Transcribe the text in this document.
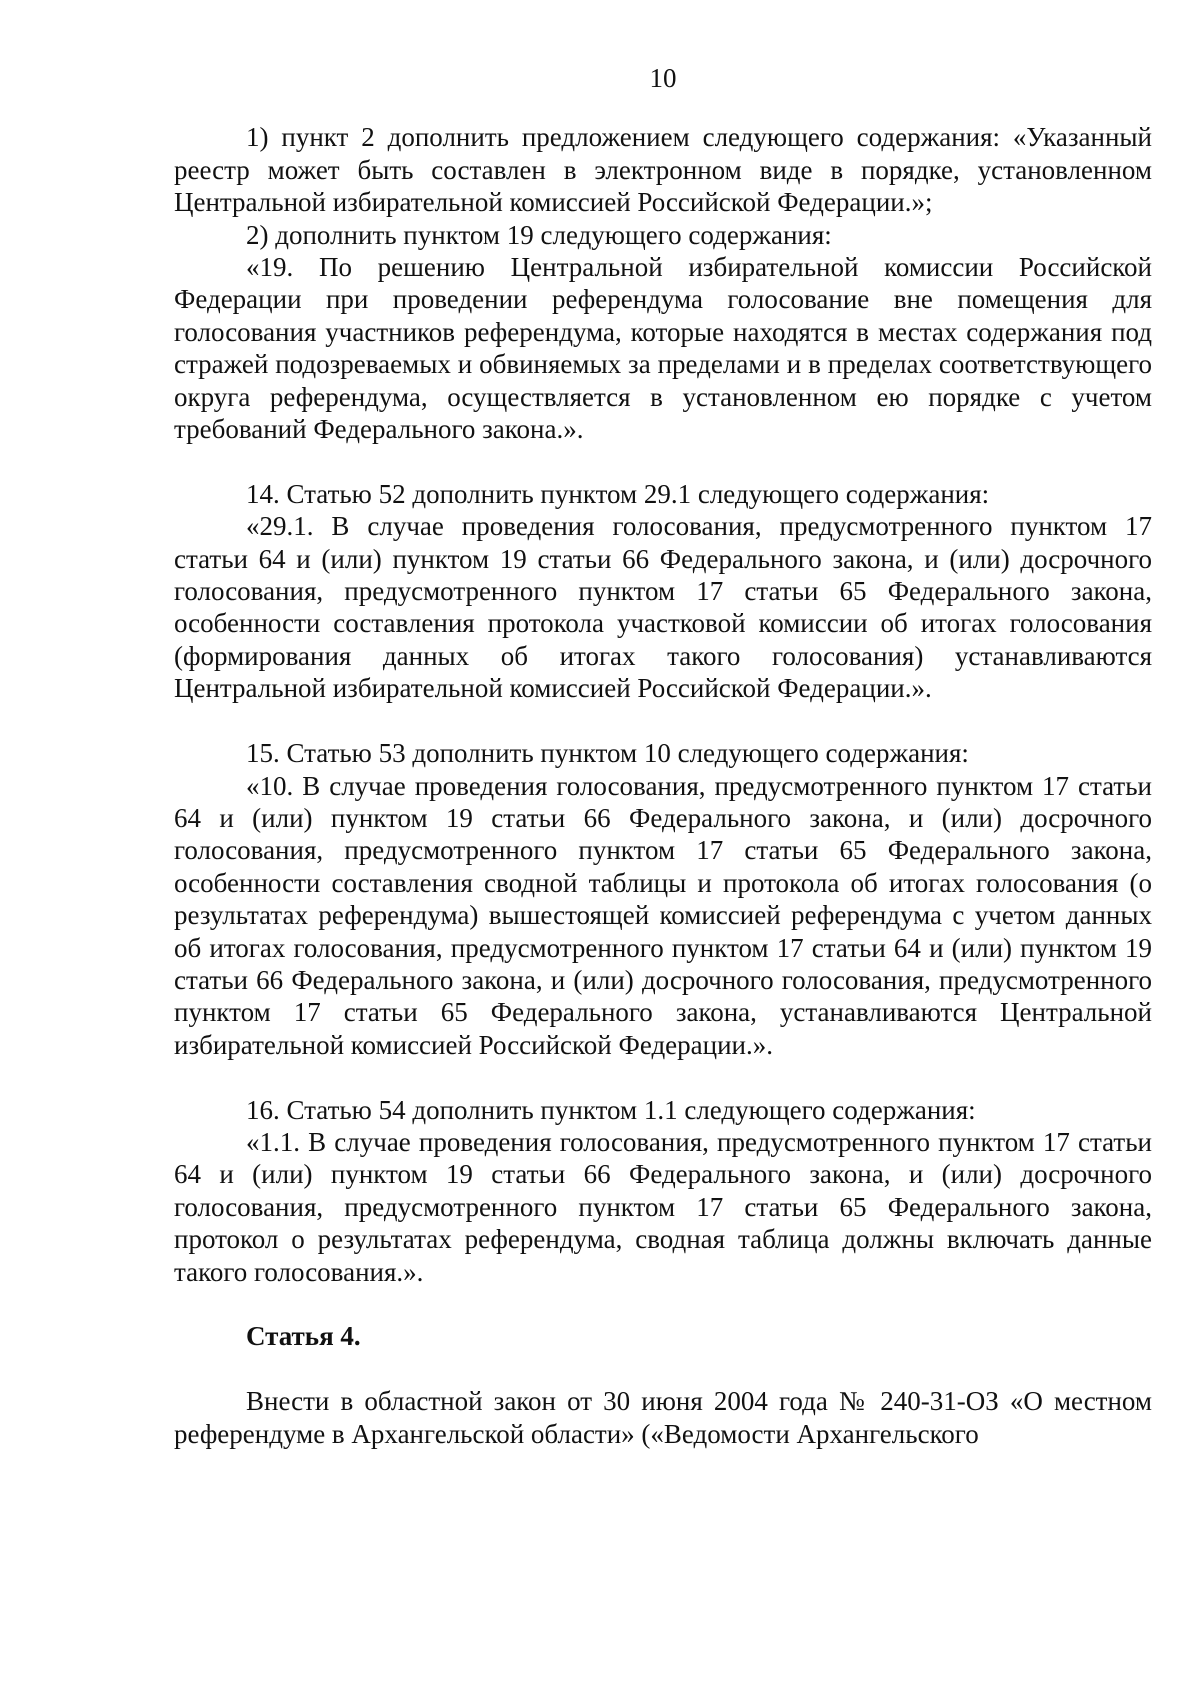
10

1) пункт 2 дополнить предложением следующего содержания: «Указанный реестр может быть составлен в электронном виде в порядке, установленном Центральной избирательной комиссией Российской Федерации.»;

2) дополнить пунктом 19 следующего содержания:

«19. По решению Центральной избирательной комиссии Российской Федерации при проведении референдума голосование вне помещения для голосования участников референдума, которые находятся в местах содержания под стражей подозреваемых и обвиняемых за пределами и в пределах соответствующего округа референдума, осуществляется в установленном ею порядке с учетом требований Федерального закона.».

14. Статью 52 дополнить пунктом 29.1 следующего содержания:

«29.1. В случае проведения голосования, предусмотренного пунктом 17 статьи 64 и (или) пунктом 19 статьи 66 Федерального закона, и (или) досрочного голосования, предусмотренного пунктом 17 статьи 65 Федерального закона, особенности составления протокола участковой комиссии об итогах голосования (формирования данных об итогах такого голосования) устанавливаются Центральной избирательной комиссией Российской Федерации.».

15. Статью 53 дополнить пунктом 10 следующего содержания:

«10. В случае проведения голосования, предусмотренного пунктом 17 статьи 64 и (или) пунктом 19 статьи 66 Федерального закона, и (или) досрочного голосования, предусмотренного пунктом 17 статьи 65 Федерального закона, особенности составления сводной таблицы и протокола об итогах голосования (о результатах референдума) вышестоящей комиссией референдума с учетом данных об итогах голосования, предусмотренного пунктом 17 статьи 64 и (или) пунктом 19 статьи 66 Федерального закона, и (или) досрочного голосования, предусмотренного пунктом 17 статьи 65 Федерального закона, устанавливаются Центральной избирательной комиссией Российской Федерации.».

16. Статью 54 дополнить пунктом 1.1 следующего содержания:

«1.1. В случае проведения голосования, предусмотренного пунктом 17 статьи 64 и (или) пунктом 19 статьи 66 Федерального закона, и (или) досрочного голосования, предусмотренного пунктом 17 статьи 65 Федерального закона, протокол о результатах референдума, сводная таблица должны включать данные такого голосования.».

Статья 4.

Внести в областной закон от 30 июня 2004 года № 240-31-ОЗ «О местном референдуме в Архангельской области» («Ведомости Архангельского
